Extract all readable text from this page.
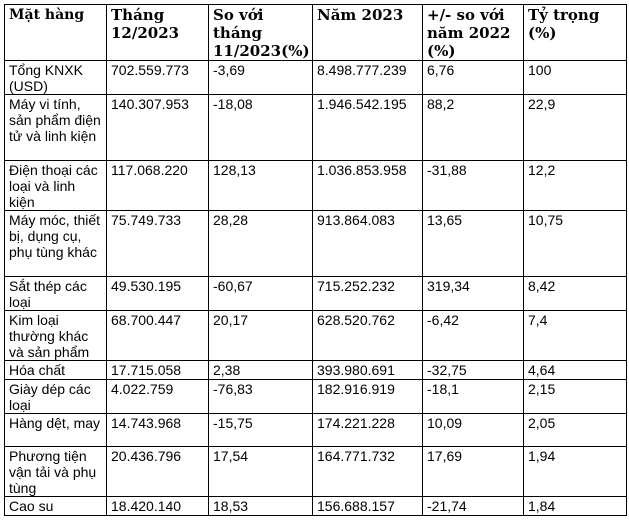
Mặt hàng	Tháng 12/2023	So với tháng 11/2023(%)	Năm 2023	+/- so với năm 2022 (%)	Tỷ trọng (%)
Tổng KNXK (USD)	702.559.773	-3,69	8.498.777.239	6,76	100
Máy vi tính, sản phẩm điện tử và linh kiện	140.307.953	-18,08	1.946.542.195	88,2	22,9
Điện thoại các loại và linh kiện	117.068.220	128,13	1.036.853.958	-31,88	12,2
Máy móc, thiết bị, dụng cụ, phụ tùng khác	75.749.733	28,28	913.864.083	13,65	10,75
Sắt thép các loại	49.530.195	-60,67	715.252.232	319,34	8,42
Kim loại thường khác và sản phẩm	68.700.447	20,17	628.520.762	-6,42	7,4
Hóa chất	17.715.058	2,38	393.980.691	-32,75	4,64
Giày dép các loại	4.022.759	-76,83	182.916.919	-18,1	2,15
Hàng dệt, may	14.743.968	-15,75	174.221.228	10,09	2,05
Phương tiện vận tải và phụ tùng	20.436.796	17,54	164.771.732	17,69	1,94
Cao su	18.420.140	18,53	156.688.157	-21,74	1,84
